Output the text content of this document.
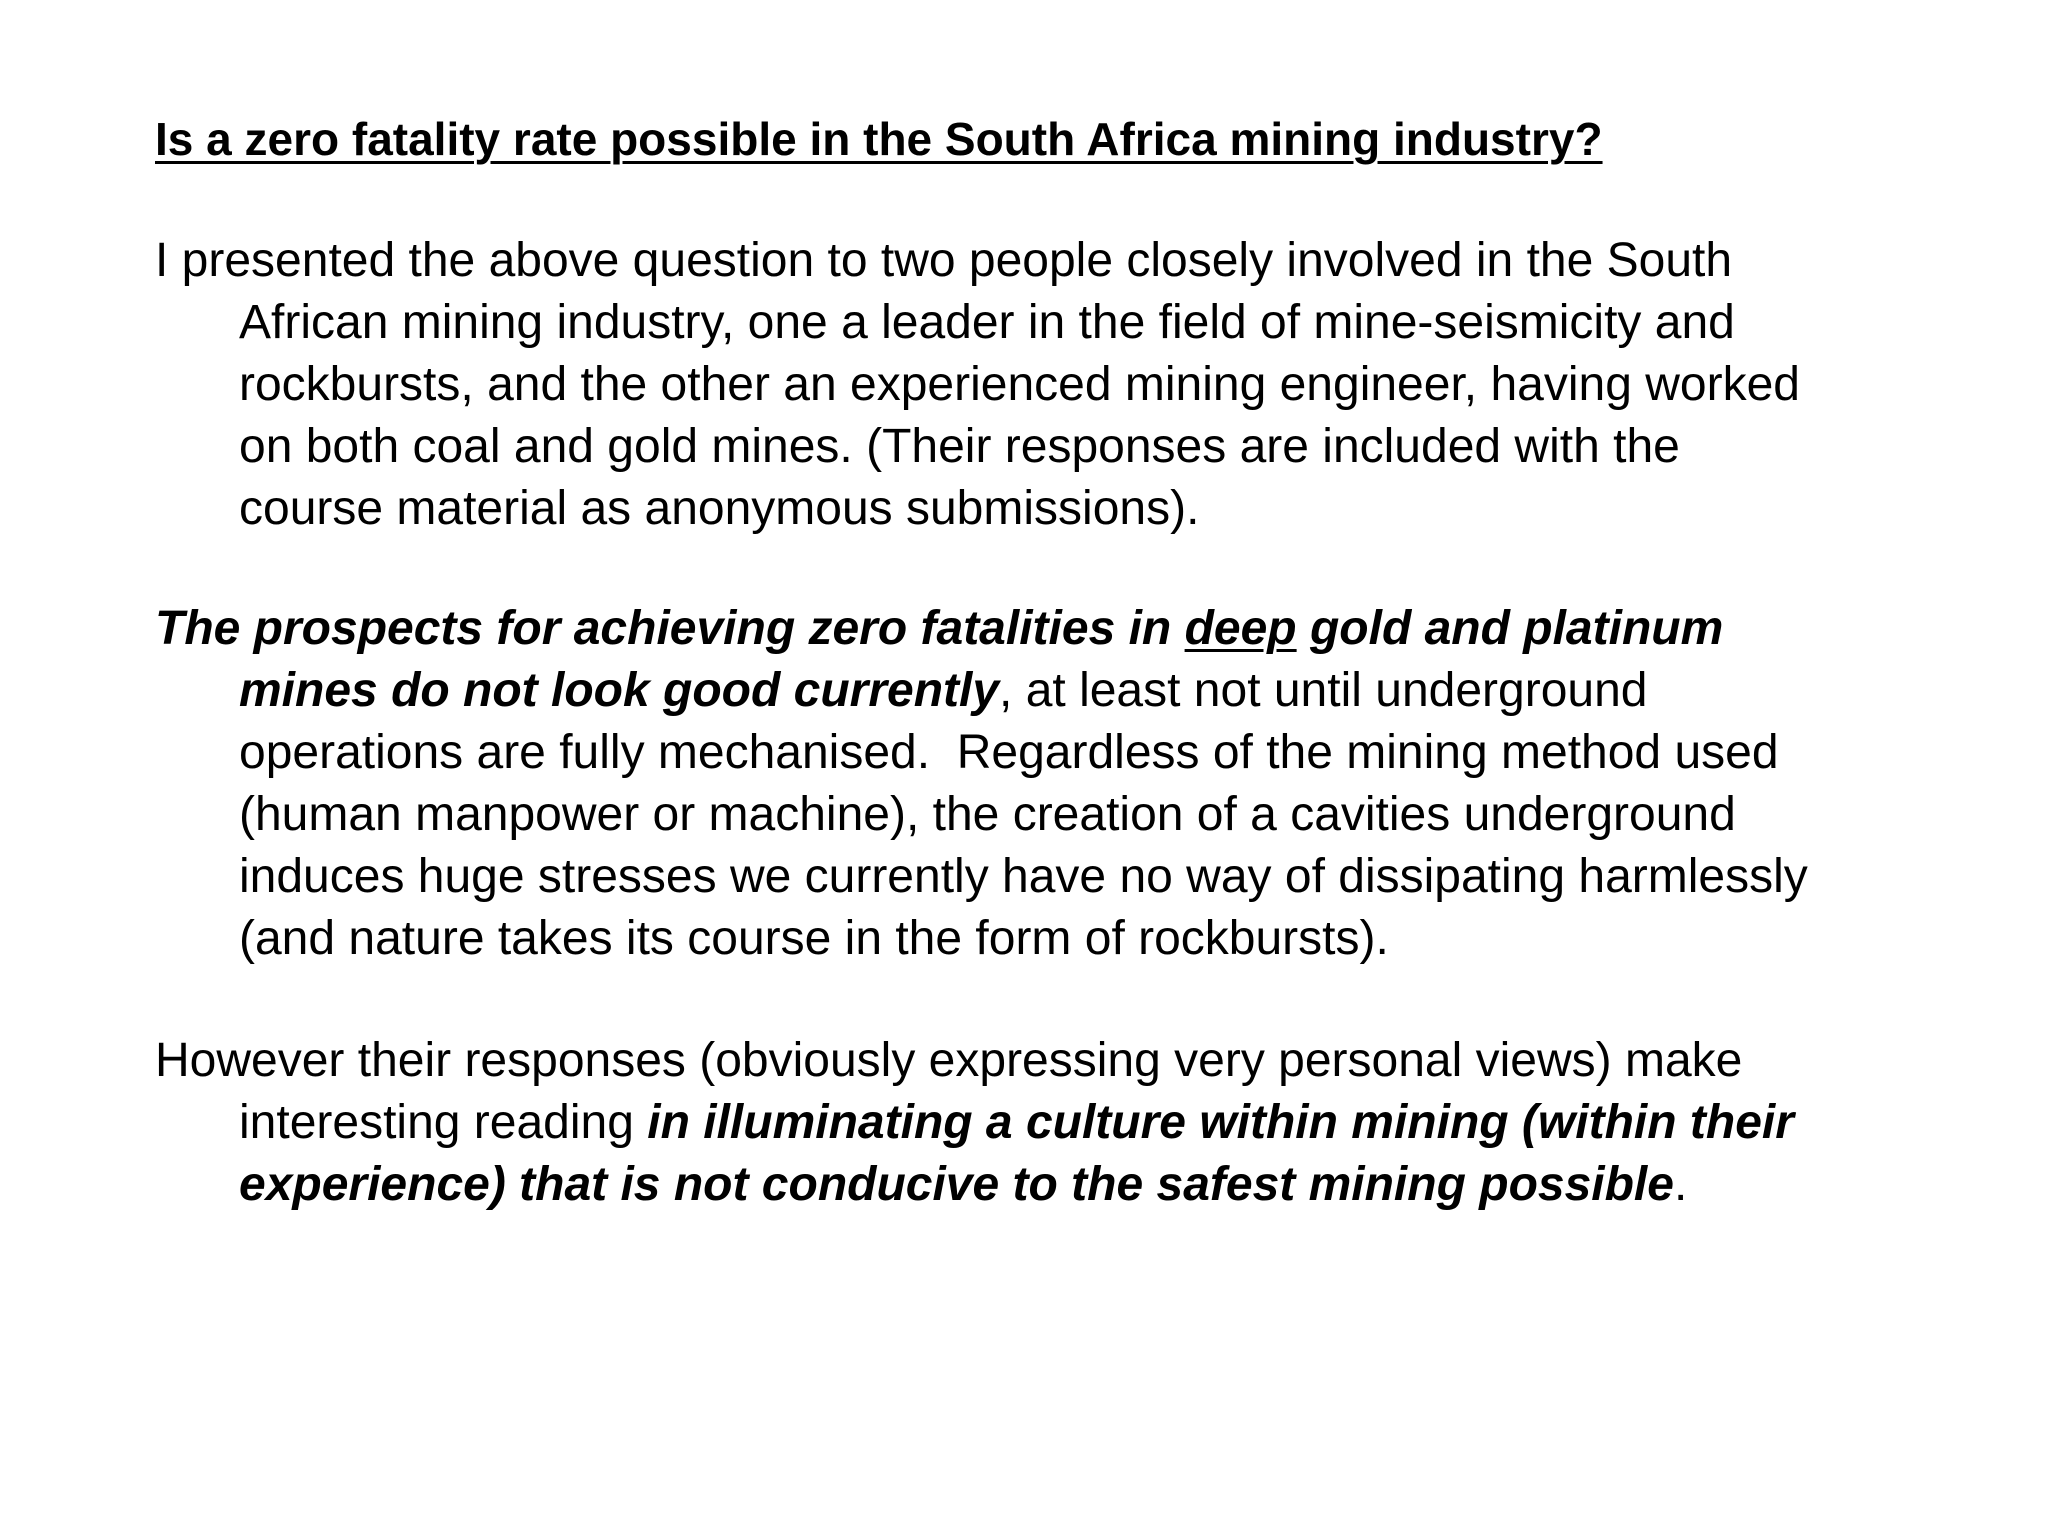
Is a zero fatality rate possible in the South Africa mining industry?

I presented the above question to two people closely involved in the South
African mining industry, one a leader in the field of mine-seismicity and
rockbursts, and the other an experienced mining engineer, having worked
on both coal and gold mines. (Their responses are included with the
course material as anonymous submissions).

The prospects for achieving zero fatalities in deep gold and platinum
mines do not look good currently, at least not until underground
operations are fully mechanised.  Regardless of the mining method used
(human manpower or machine), the creation of a cavities underground
induces huge stresses we currently have no way of dissipating harmlessly
(and nature takes its course in the form of rockbursts).

However their responses (obviously expressing very personal views) make
interesting reading in illuminating a culture within mining (within their
experience) that is not conducive to the safest mining possible.
